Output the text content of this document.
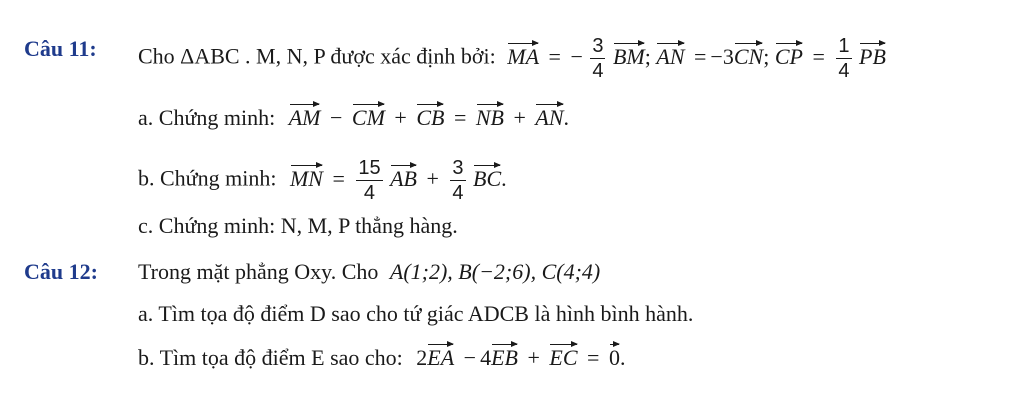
Câu 11: Cho ΔABC . M, N, P được xác định bởi: MA = − $\frac{3}{4}$ BM; AN = −3CN; CP = $\frac{1}{4}$ PB
a. Chứng minh: AM − CM + CB = NB + AN.
b. Chứng minh: MN = $\frac{15}{4}$ AB + $\frac{3}{4}$ BC.
c. Chứng minh: N, M, P thẳng hàng.
Câu 12: Trong mặt phẳng Oxy. Cho A(1;2), B(−2;6), C(4;4)
a. Tìm tọa độ điểm D sao cho tứ giác ADCB là hình bình hành.
b. Tìm tọa độ điểm E sao cho: 2EA − 4EB + EC = 0.
